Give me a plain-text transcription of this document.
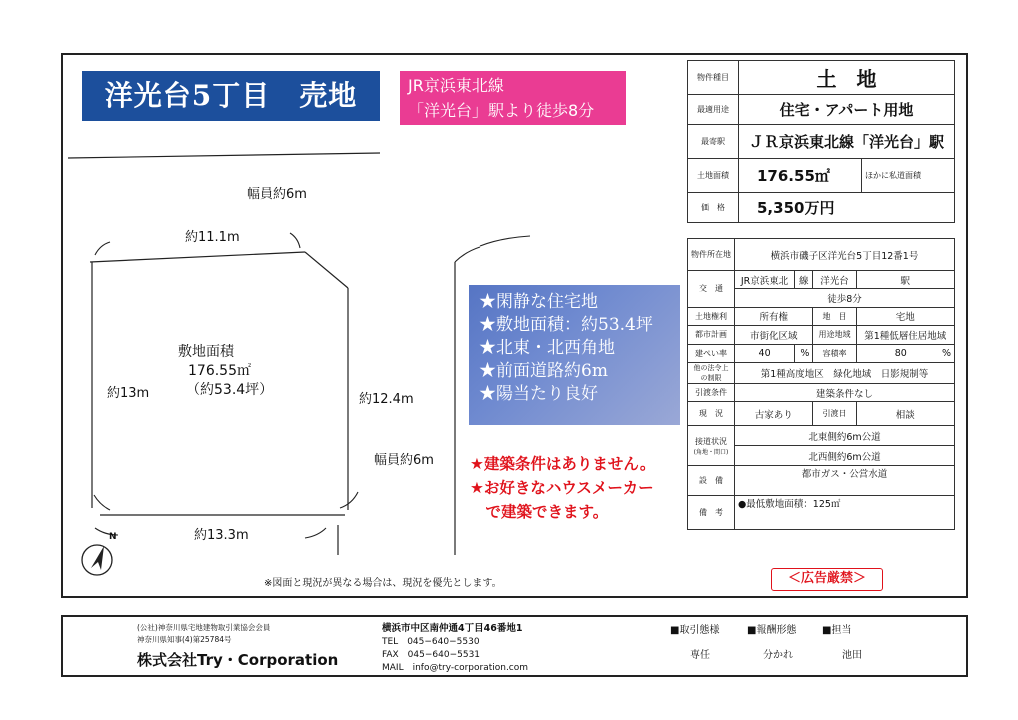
洋光台5丁目　売地	JR京浜東北線
「洋光台」駅より徒歩8分
幅員約6m
約11.1m
約13m	約12.4m
幅員約6m
約13.3m
N
敷地面積
176.55㎡
（約53.4坪）
※図面と現況が異なる場合は、現況を優先とします。
★閑静な住宅地
★敷地面積：約53.4坪
★北東・北西角地
★前面道路約6m
★陽当たり良好
★建築条件はありません。
★お好きなハウスメーカー
　で建築できます。
物件種目	土　地	
最適用途	住宅・アパート用地	
最寄駅	ＪＲ京浜東北線「洋光台」駅	
土地面積	176.55㎡	ほかに私道面積
価　格	5,350万円	
物件所在地	横浜市磯子区洋光台5丁目12番1号			
交　通	JR京浜東北	線	洋光台	駅
	徒歩8分			
土地権利	所有権		地　目	宅地
都市計画	市街化区域		用途地域	第1種低層住居地域
建ぺい率	40	%	容積率	80 %

他の法令上の制限	第1種高度地区　緑化地域　日影規制等			
引渡条件	建築条件なし			
現　況	古家あり		引渡日	相談

接道状況
(角地・間口)	北東側約6m公道			
	北西側約6m公道			
設　備	都市ガス・公営水道			
備　考	●最低敷地面積：125㎡			
＜広告厳禁＞
(公社)神奈川県宅地建物取引業協会会員
神奈川県知事(4)第25784号
株式会社Try・Corporation
横浜市中区南仲通4丁目46番地1
TEL　045−640−5530
FAX　045−640−5531
MAIL　info@try-corporation.com
■取引態様	■報酬形態	■担当
専任	分かれ	池田
